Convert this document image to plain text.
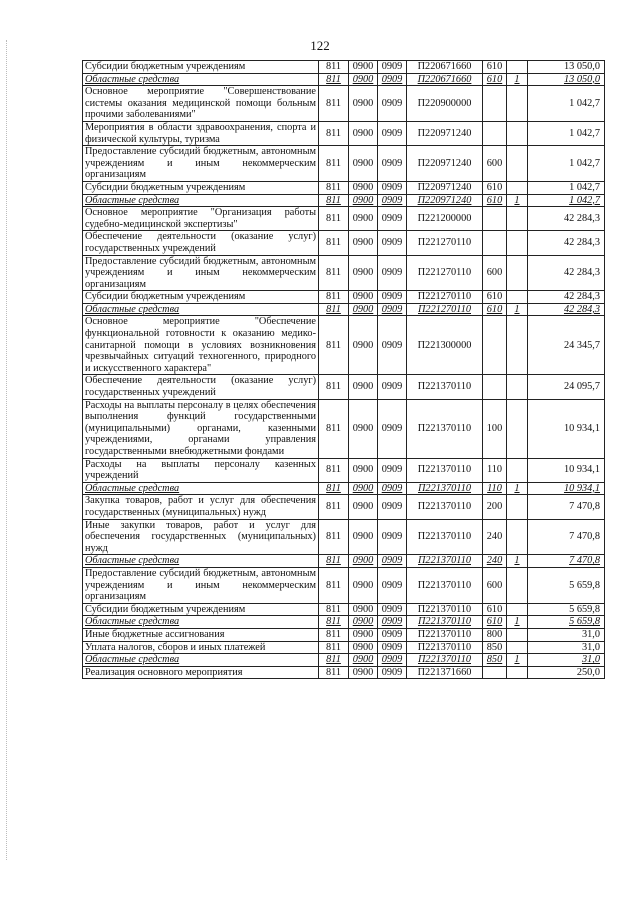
122
Субсидии бюджетным учреждениям	811	0900	0909	П220671660	610		13 050,0
Областные средства	811	0900	0909	П220671660	610	1	13 050,0
Основное мероприятие "Совершенствование системы оказания медицинской помощи больным прочими заболеваниями"	811	0900	0909	П220900000			1 042,7
Мероприятия в области здравоохранения, спорта и физической культуры, туризма	811	0900	0909	П220971240			1 042,7
Предоставление субсидий бюджетным, автономным учреждениям и иным некоммерческим организациям	811	0900	0909	П220971240	600		1 042,7
Субсидии бюджетным учреждениям	811	0900	0909	П220971240	610		1 042,7
Областные средства	811	0900	0909	П220971240	610	1	1 042,7
Основное мероприятие "Организация работы судебно-медицинской экспертизы"	811	0900	0909	П221200000			42 284,3
Обеспечение деятельности (оказание услуг) государственных учреждений	811	0900	0909	П221270110			42 284,3
Предоставление субсидий бюджетным, автономным учреждениям и иным некоммерческим организациям	811	0900	0909	П221270110	600		42 284,3
Субсидии бюджетным учреждениям	811	0900	0909	П221270110	610		42 284,3
Областные средства	811	0900	0909	П221270110	610	1	42 284,3
Основное мероприятие "Обеспечение функциональной готовности к оказанию медико-санитарной помощи в условиях возникновения чрезвычайных ситуаций техногенного, природного и искусственного характера"	811	0900	0909	П221300000			24 345,7
Обеспечение деятельности (оказание услуг) государственных учреждений	811	0900	0909	П221370110			24 095,7
Расходы на выплаты персоналу в целях обеспечения выполнения функций государственными (муниципальными) органами, казенными учреждениями, органами управления государственными внебюджетными фондами	811	0900	0909	П221370110	100		10 934,1
Расходы на выплаты персоналу казенных учреждений	811	0900	0909	П221370110	110		10 934,1
Областные средства	811	0900	0909	П221370110	110	1	10 934,1
Закупка товаров, работ и услуг для обеспечения государственных (муниципальных) нужд	811	0900	0909	П221370110	200		7 470,8
Иные закупки товаров, работ и услуг для обеспечения государственных (муниципальных) нужд	811	0900	0909	П221370110	240		7 470,8
Областные средства	811	0900	0909	П221370110	240	1	7 470,8
Предоставление субсидий бюджетным, автономным учреждениям и иным некоммерческим организациям	811	0900	0909	П221370110	600		5 659,8
Субсидии бюджетным учреждениям	811	0900	0909	П221370110	610		5 659,8
Областные средства	811	0900	0909	П221370110	610	1	5 659,8
Иные бюджетные ассигнования	811	0900	0909	П221370110	800		31,0
Уплата налогов, сборов и иных платежей	811	0900	0909	П221370110	850		31,0
Областные средства	811	0900	0909	П221370110	850	1	31,0
Реализация основного мероприятия	811	0900	0909	П221371660			250,0
